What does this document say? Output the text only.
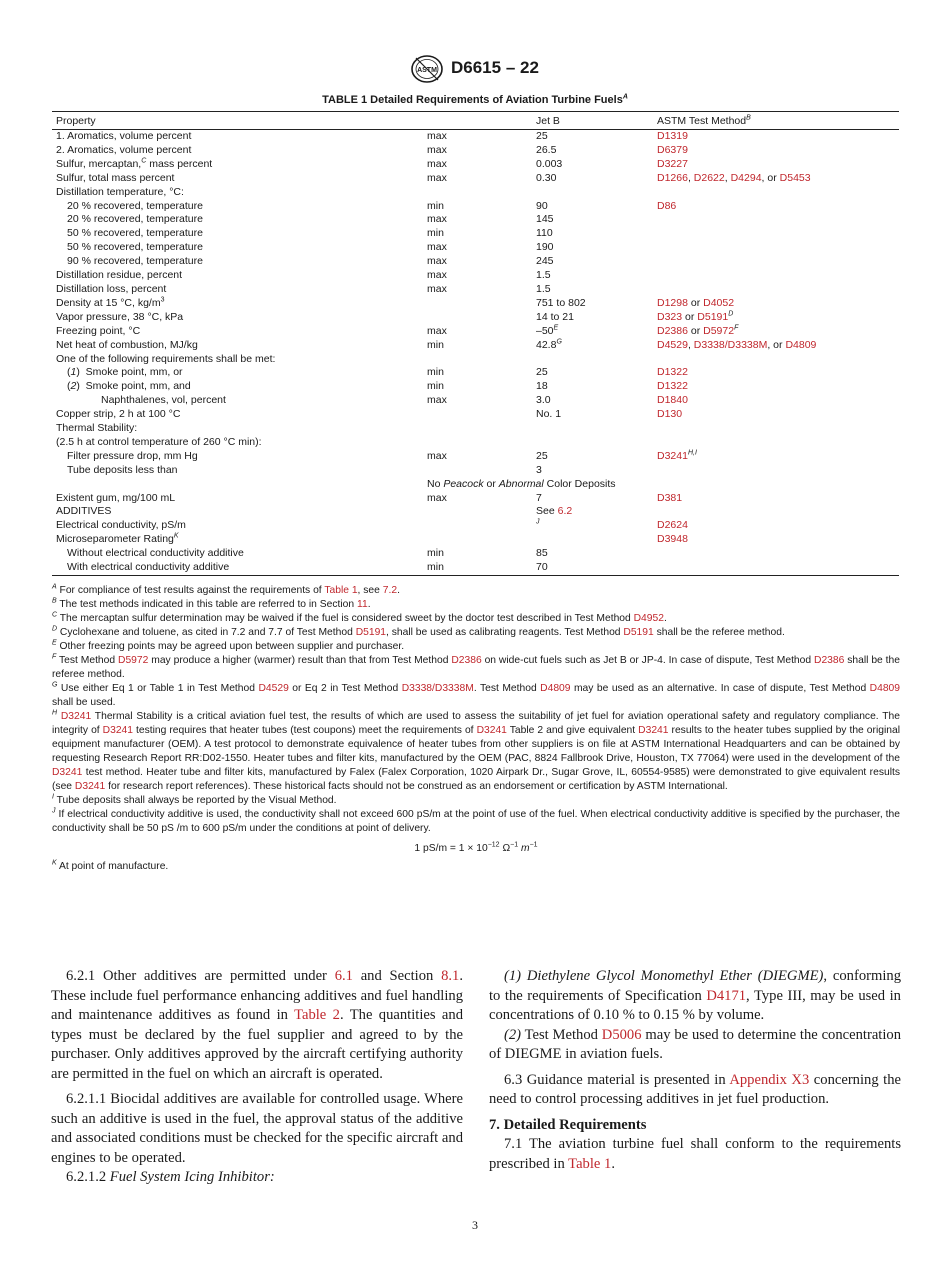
ASTM D6615 – 22
TABLE 1 Detailed Requirements of Aviation Turbine Fuels$^A$
Property		Jet B	ASTM Test Method$^B$
1. Aromatics, volume percent	max	25	D1319
2. Aromatics, volume percent	max	26.5	D6379
Sulfur, mercaptan,$^C$ mass percent	max	0.003	D3227
Sulfur, total mass percent	max	0.30	D1266, D2622, D4294, or D5453
Distillation temperature, °C:			
20 % recovered, temperature	min	90	D86
20 % recovered, temperature	max	145	
50 % recovered, temperature	min	110	
50 % recovered, temperature	max	190	
90 % recovered, temperature	max	245	
Distillation residue, percent	max	1.5	
Distillation loss, percent	max	1.5	
Density at 15 °C, $kg/m^3$		751 to 802	D1298 or D4052
Vapor pressure, 38 °C, kPa		14 to 21	D323 or $D5191^D$
Freezing point, °C	max	$-50^E$	D2386 or $D5972^F$
Net heat of combustion, MJ/kg	min	$42.8^G$	D4529, D3338/D3338M, or D4809
One of the following requirements shall be met:			
(1)  Smoke point, mm, or	min	25	D1322
(2)  Smoke point, mm, and	min	18	D1322
Naphthalenes, vol, percent	max	3.0	D1840
Copper strip, 2 h at 100 °C		No. 1	D130
Thermal Stability:			
(2.5 h at control temperature of 260 °C min):			
Filter pressure drop, mm Hg	max	25	$D3241^{H,I}$
Tube deposits less than		3	
	No Peacock or Abnormal Color Deposits		
Existent gum, mg/100 mL	max	7	D381
ADDITIVES		See 6.2	
Electrical conductivity, pS/m		$^J$	D2624
Microseparometer Rating$^K$			D3948
Without electrical conductivity additive	min	85	
With electrical conductivity additive	min	70	

$^A$ For compliance of test results against the requirements of Table 1, see 7.2.

$^B$ The test methods indicated in this table are referred to in Section 11.

$^C$ The mercaptan sulfur determination may be waived if the fuel is considered sweet by the doctor test described in Test Method D4952.

$^D$ Cyclohexane and toluene, as cited in 7.2 and 7.7 of Test Method D5191, shall be used as calibrating reagents. Test Method D5191 shall be the referee method.

$^E$ Other freezing points may be agreed upon between supplier and purchaser.

$^F$ Test Method D5972 may produce a higher (warmer) result than that from Test Method D2386 on wide-cut fuels such as Jet B or JP-4. In case of dispute, Test Method D2386 shall be the referee method.

$^G$ Use either Eq 1 or Table 1 in Test Method D4529 or Eq 2 in Test Method D3338/D3338M. Test Method D4809 may be used as an alternative. In case of dispute, Test Method D4809 shall be used.

$^H$ D3241 Thermal Stability is a critical aviation fuel test, the results of which are used to assess the suitability of jet fuel for aviation operational safety and regulatory compliance. The integrity of D3241 testing requires that heater tubes (test coupons) meet the requirements of D3241 Table 2 and give equivalent D3241 results to the heater tubes supplied by the original equipment manufacturer (OEM). A test protocol to demonstrate equivalence of heater tubes from other suppliers is on file at ASTM International Headquarters and can be obtained by requesting Research Report RR:D02-1550. Heater tubes and filter kits, manufactured by the OEM (PAC, 8824 Fallbrook Drive, Houston, TX 77064) were used in the development of the D3241 test method. Heater tube and filter kits, manufactured by Falex (Falex Corporation, 1020 Airpark Dr., Sugar Grove, IL, 60554-9585) were demonstrated to give equivalent results (see D3241 for research report references). These historical facts should not be construed as an endorsement or certification by ASTM International.

$^I$ Tube deposits shall always be reported by the Visual Method.

$^J$ If electrical conductivity additive is used, the conductivity shall not exceed 600 pS/m at the point of use of the fuel. When electrical conductivity additive is specified by the purchaser, the conductivity shall be 50 pS /m to 600 pS/m under the conditions at point of delivery.

1 $pS/m = 1 \times 10^{-12}$ $\Omega^{-1}$ $m^{-1}$

$^K$ At point of manufacture.

6.2.1 Other additives are permitted under 6.1 and Section 8.1. These include fuel performance enhancing additives and fuel handling and maintenance additives as found in Table 2. The quantities and types must be declared by the fuel supplier and agreed to by the purchaser. Only additives approved by the aircraft certifying authority are permitted in the fuel on which an aircraft is operated.

6.2.1.1 Biocidal additives are available for controlled usage. Where such an additive is used in the fuel, the approval status of the additive and associated conditions must be checked for the specific aircraft and engines to be operated.

6.2.1.2 Fuel System Icing Inhibitor:

(1) Diethylene Glycol Monomethyl Ether (DIEGME), conforming to the requirements of Specification D4171, Type III, may be used in concentrations of 0.10 % to 0.15 % by volume.

(2) Test Method D5006 may be used to determine the concentration of DIEGME in aviation fuels.

6.3 Guidance material is presented in Appendix X3 concerning the need to control processing additives in jet fuel production.

7. Detailed Requirements

7.1 The aviation turbine fuel shall conform to the requirements prescribed in Table 1.

3
